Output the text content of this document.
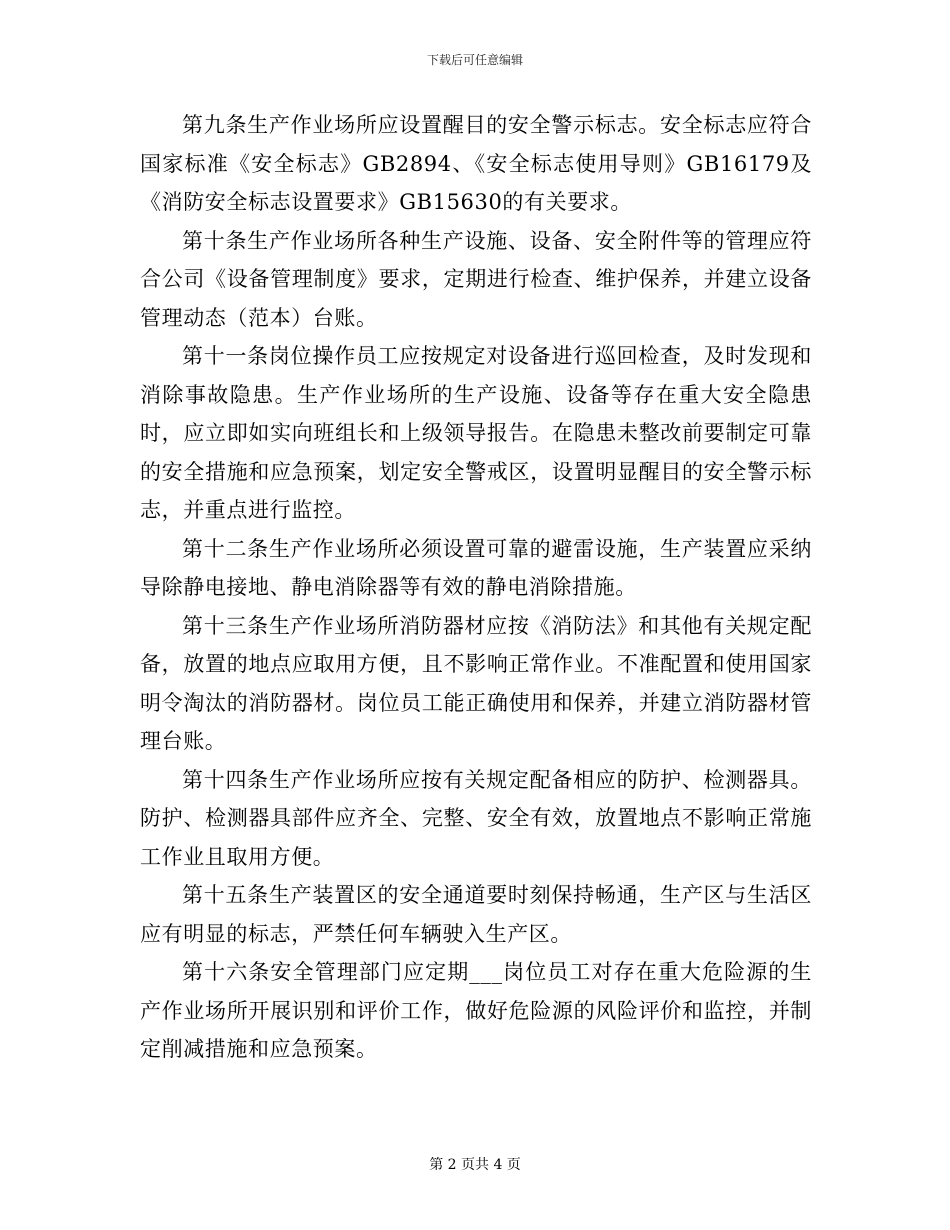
下载后可任意编辑

第九条生产作业场所应设置醒目的安全警示标志。安全标志应符合国家标准《安全标志》GB2894、《安全标志使用导则》GB16179及《消防安全标志设置要求》GB15630的有关要求。

第十条生产作业场所各种生产设施、设备、安全附件等的管理应符合公司《设备管理制度》要求，定期进行检查、维护保养，并建立设备管理动态（范本）台账。

第十一条岗位操作员工应按规定对设备进行巡回检查，及时发现和消除事故隐患。生产作业场所的生产设施、设备等存在重大安全隐患时，应立即如实向班组长和上级领导报告。在隐患未整改前要制定可靠的安全措施和应急预案，划定安全警戒区，设置明显醒目的安全警示标志，并重点进行监控。

第十二条生产作业场所必须设置可靠的避雷设施，生产装置应采纳导除静电接地、静电消除器等有效的静电消除措施。

第十三条生产作业场所消防器材应按《消防法》和其他有关规定配备，放置的地点应取用方便，且不影响正常作业。不准配置和使用国家明令淘汰的消防器材。岗位员工能正确使用和保养，并建立消防器材管理台账。

第十四条生产作业场所应按有关规定配备相应的防护、检测器具。防护、检测器具部件应齐全、完整、安全有效，放置地点不影响正常施工作业且取用方便。

第十五条生产装置区的安全通道要时刻保持畅通，生产区与生活区应有明显的标志，严禁任何车辆驶入生产区。

第十六条安全管理部门应定期___岗位员工对存在重大危险源的生产作业场所开展识别和评价工作，做好危险源的风险评价和监控，并制定削减措施和应急预案。

第 2 页共 4 页
